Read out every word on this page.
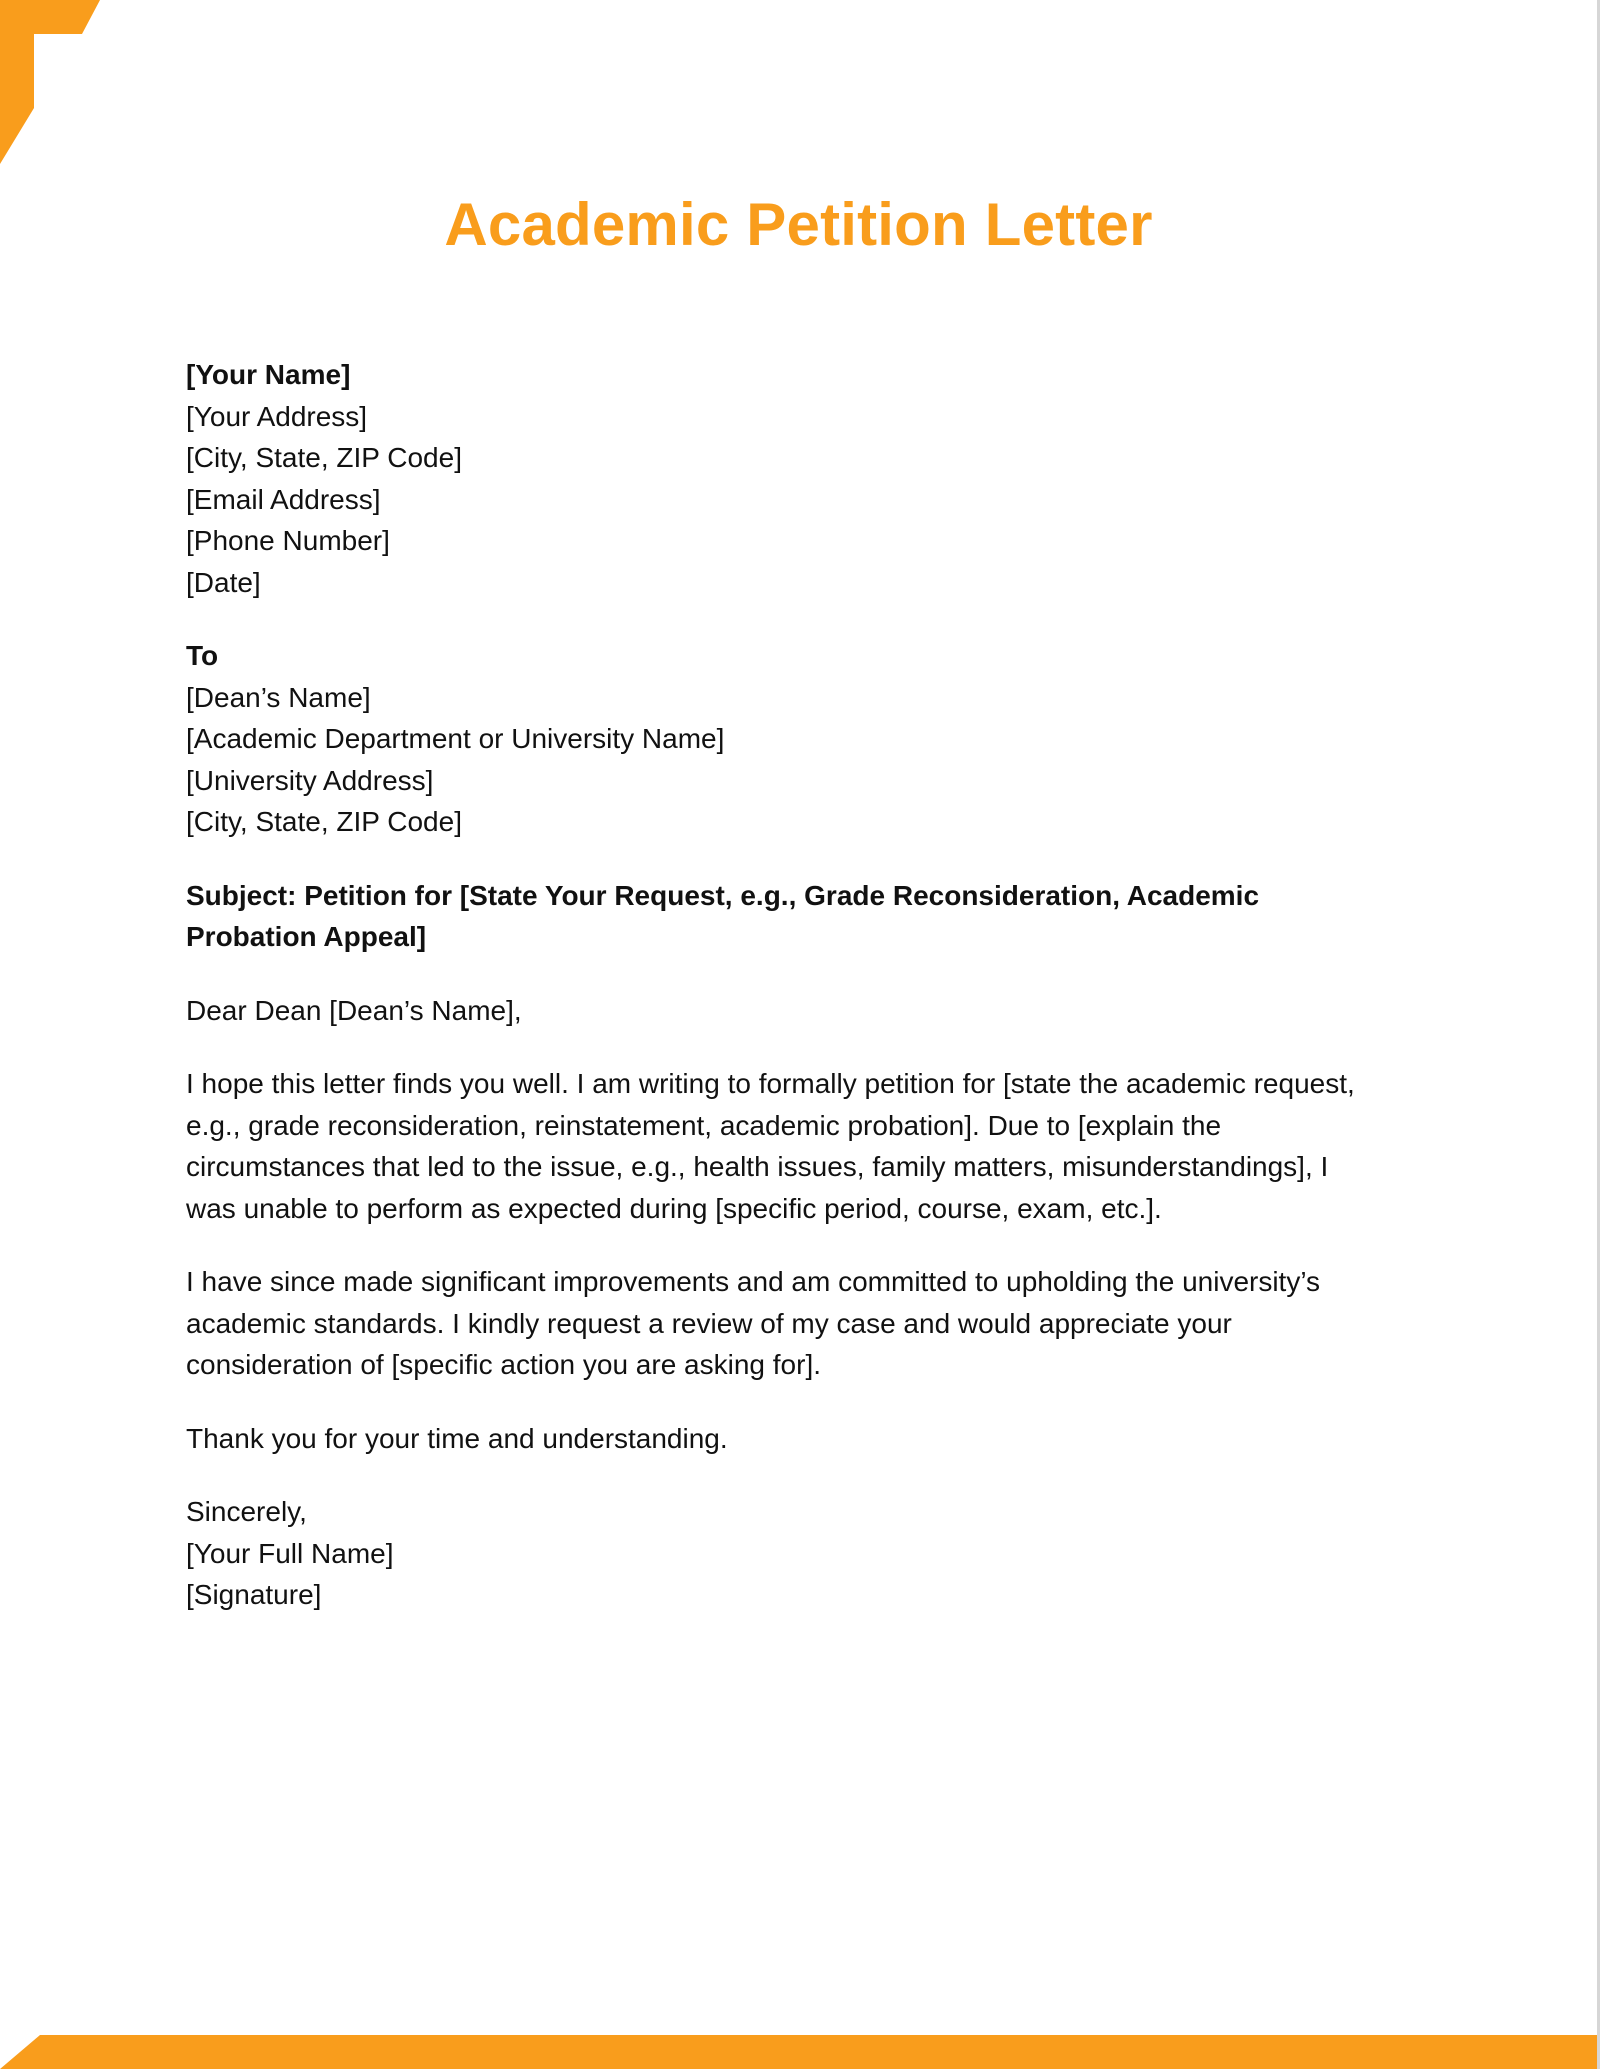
Academic Petition Letter
[Your Name]
[Your Address]
[City, State, ZIP Code]
[Email Address]
[Phone Number]
[Date]
To
[Dean’s Name]
[Academic Department or University Name]
[University Address]
[City, State, ZIP Code]

Subject: Petition for [State Your Request, e.g., Grade Reconsideration, Academic Probation Appeal]

Dear Dean [Dean’s Name],

I hope this letter finds you well. I am writing to formally petition for [state the academic request, e.g., grade reconsideration, reinstatement, academic probation]. Due to [explain the circumstances that led to the issue, e.g., health issues, family matters, misunderstandings], I was unable to perform as expected during [specific period, course, exam, etc.].

I have since made significant improvements and am committed to upholding the university’s academic standards. I kindly request a review of my case and would appreciate your consideration of [specific action you are asking for].

Thank you for your time and understanding.

Sincerely,
[Your Full Name]
[Signature]
